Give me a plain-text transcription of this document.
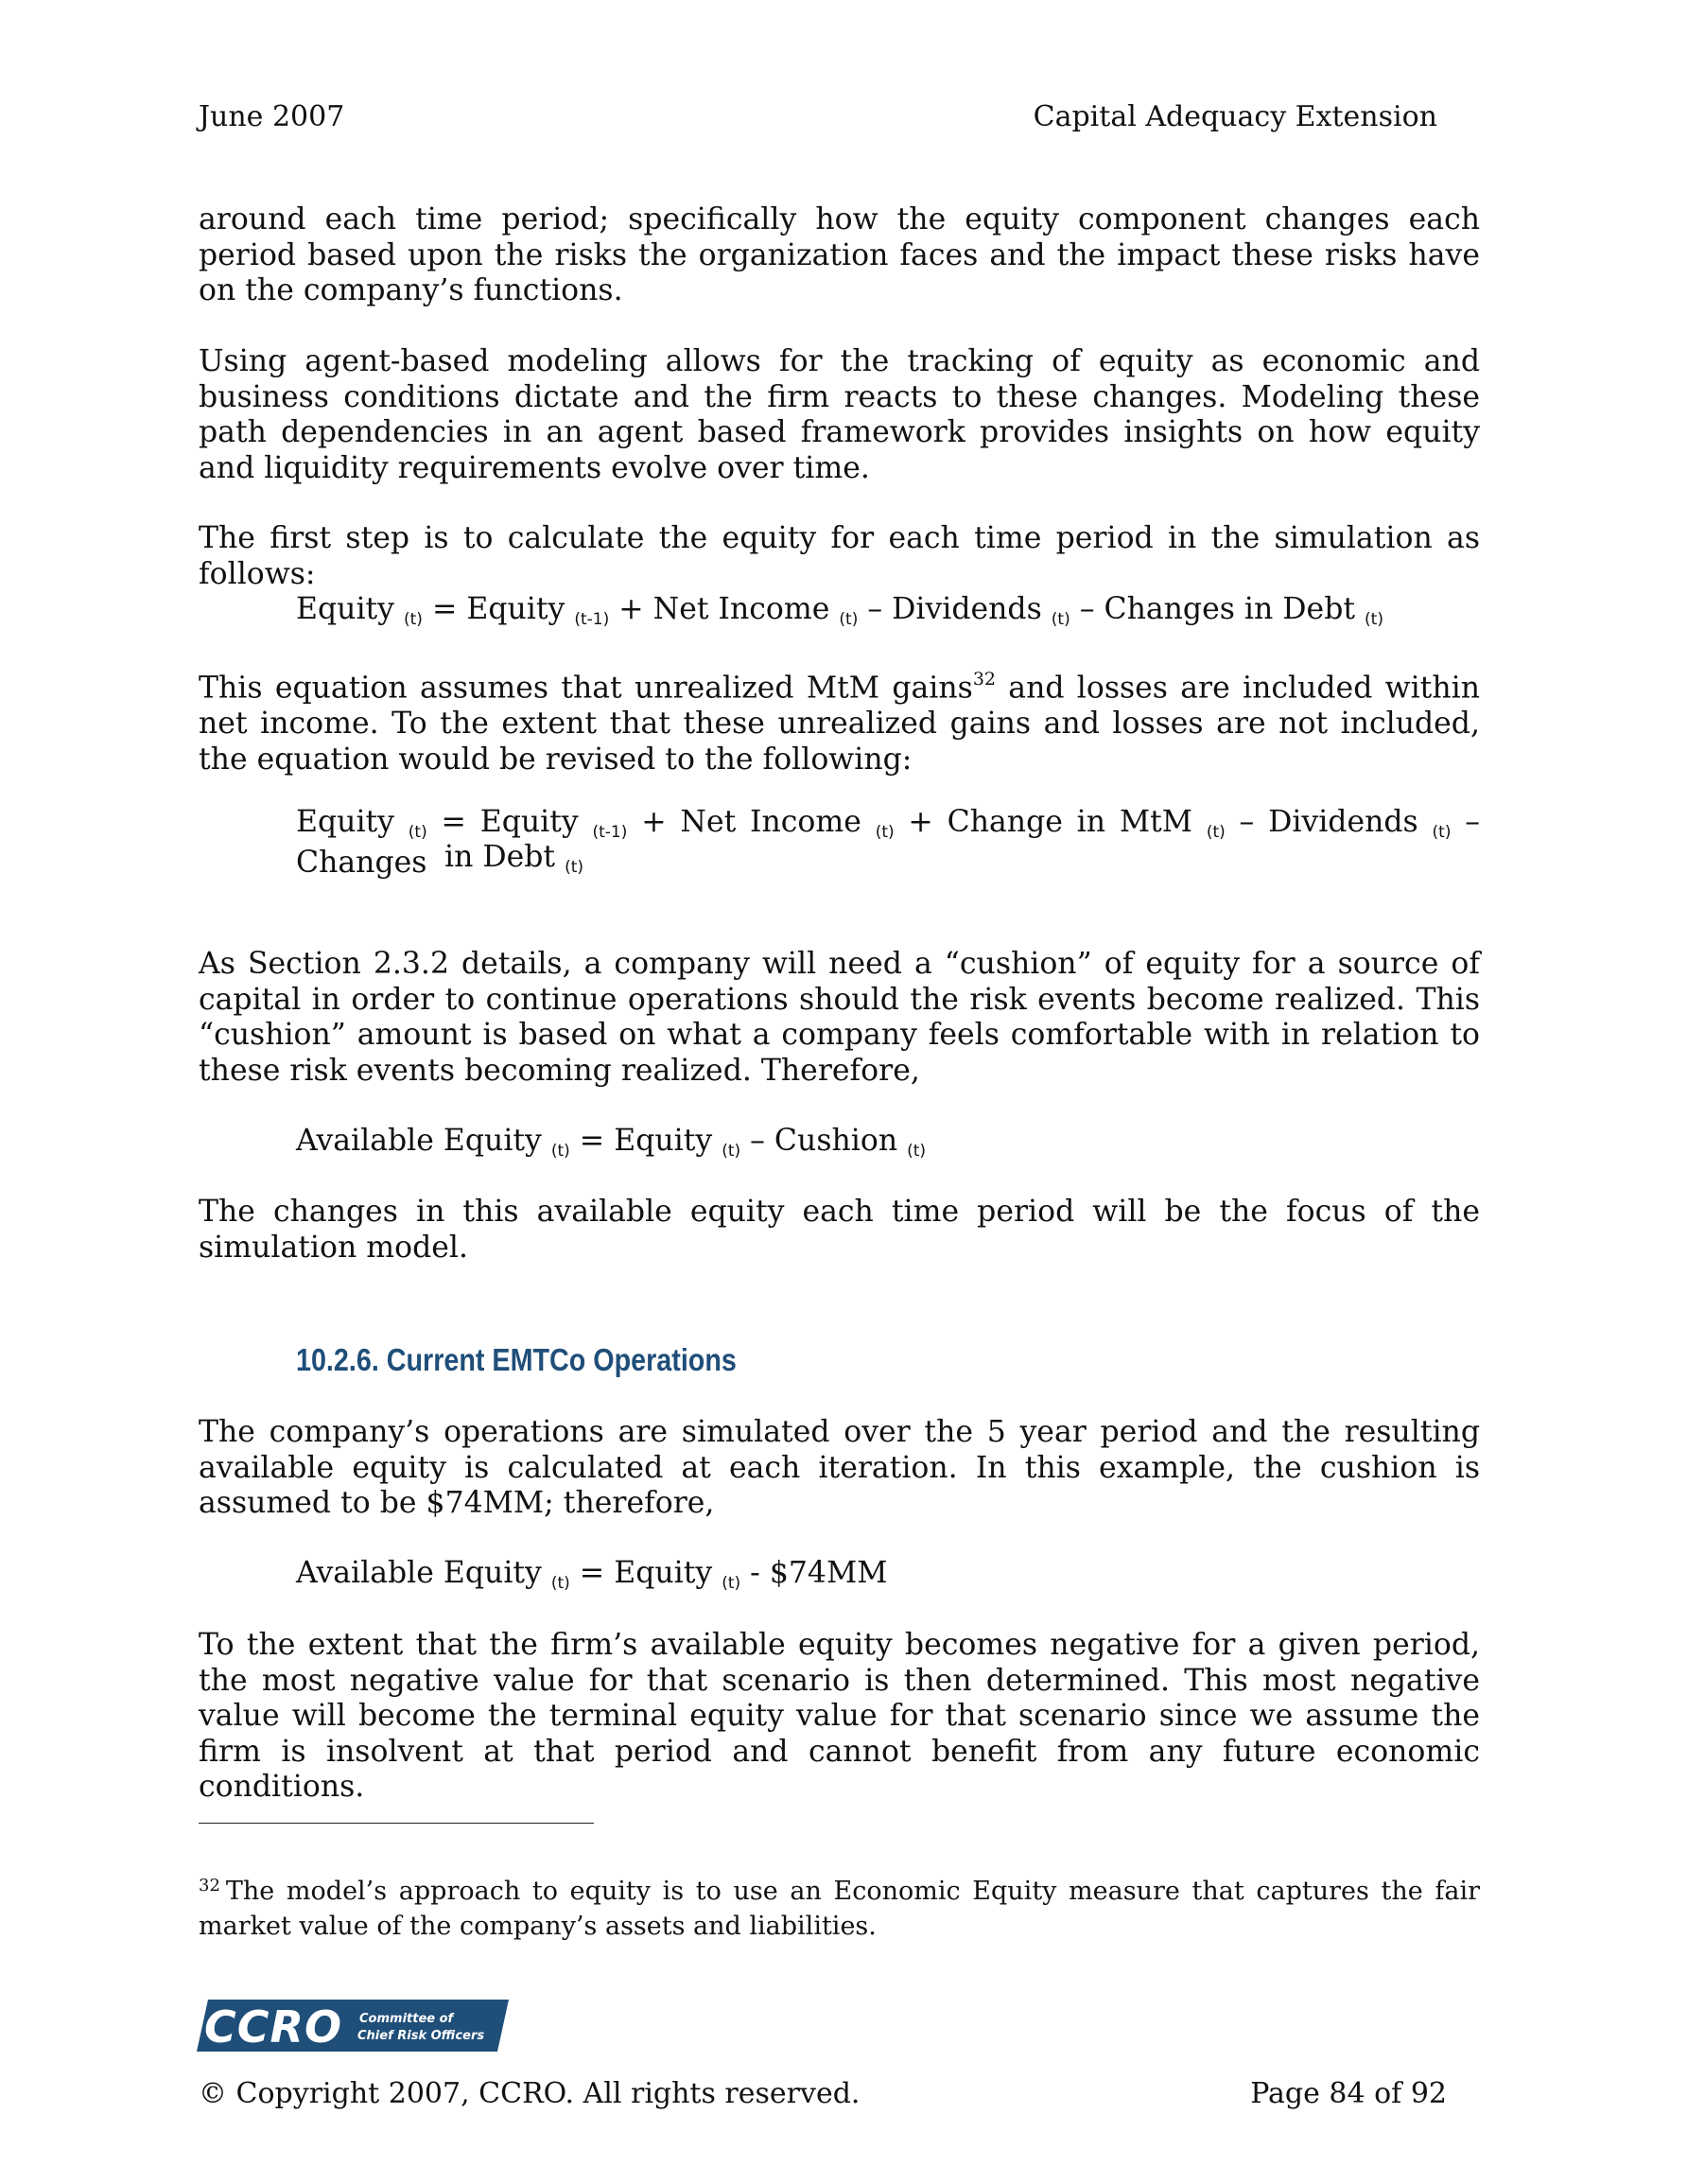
June 2007	Capital Adequacy Extension

around each time period; specifically how the equity component changes each period based upon the risks the organization faces and the impact these risks have on the company’s functions.

Using agent-based modeling allows for the tracking of equity as economic and business conditions dictate and the firm reacts to these changes. Modeling these path dependencies in an agent based framework provides insights on how equity and liquidity requirements evolve over time.

The first step is to calculate the equity for each time period in the simulation as follows:

Equity (t) = Equity (t-1) + Net Income (t) – Dividends (t) – Changes in Debt (t)

This equation assumes that unrealized MtM gains$^{32}$ and losses are included within net income. To the extent that these unrealized gains and losses are not included, the equation would be revised to the following:

Equity (t) = Equity (t-1) + Net Income (t) + Change in MtM (t) – Dividends (t) – Changes in Debt (t)

As Section 2.3.2 details, a company will need a “cushion” of equity for a source of capital in order to continue operations should the risk events become realized. This “cushion” amount is based on what a company feels comfortable with in relation to these risk events becoming realized. Therefore,

Available Equity (t) = Equity (t) – Cushion (t)

The changes in this available equity each time period will be the focus of the simulation model.

10.2.6. Current EMTCo Operations

The company’s operations are simulated over the 5 year period and the resulting available equity is calculated at each iteration. In this example, the cushion is assumed to be $74MM; therefore,

Available Equity (t) = Equity (t) - $74MM

To the extent that the firm’s available equity becomes negative for a given period, the most negative value for that scenario is then determined. This most negative value will become the terminal equity value for that scenario since we assume the firm is insolvent at that period and cannot benefit from any future economic conditions.

$^{32}$ The model’s approach to equity is to use an Economic Equity measure that captures the fair market value of the company’s assets and liabilities.
CCRO Committee of
Chief Risk Officers
© Copyright 2007, CCRO. All rights reserved.	Page 84 of 92
